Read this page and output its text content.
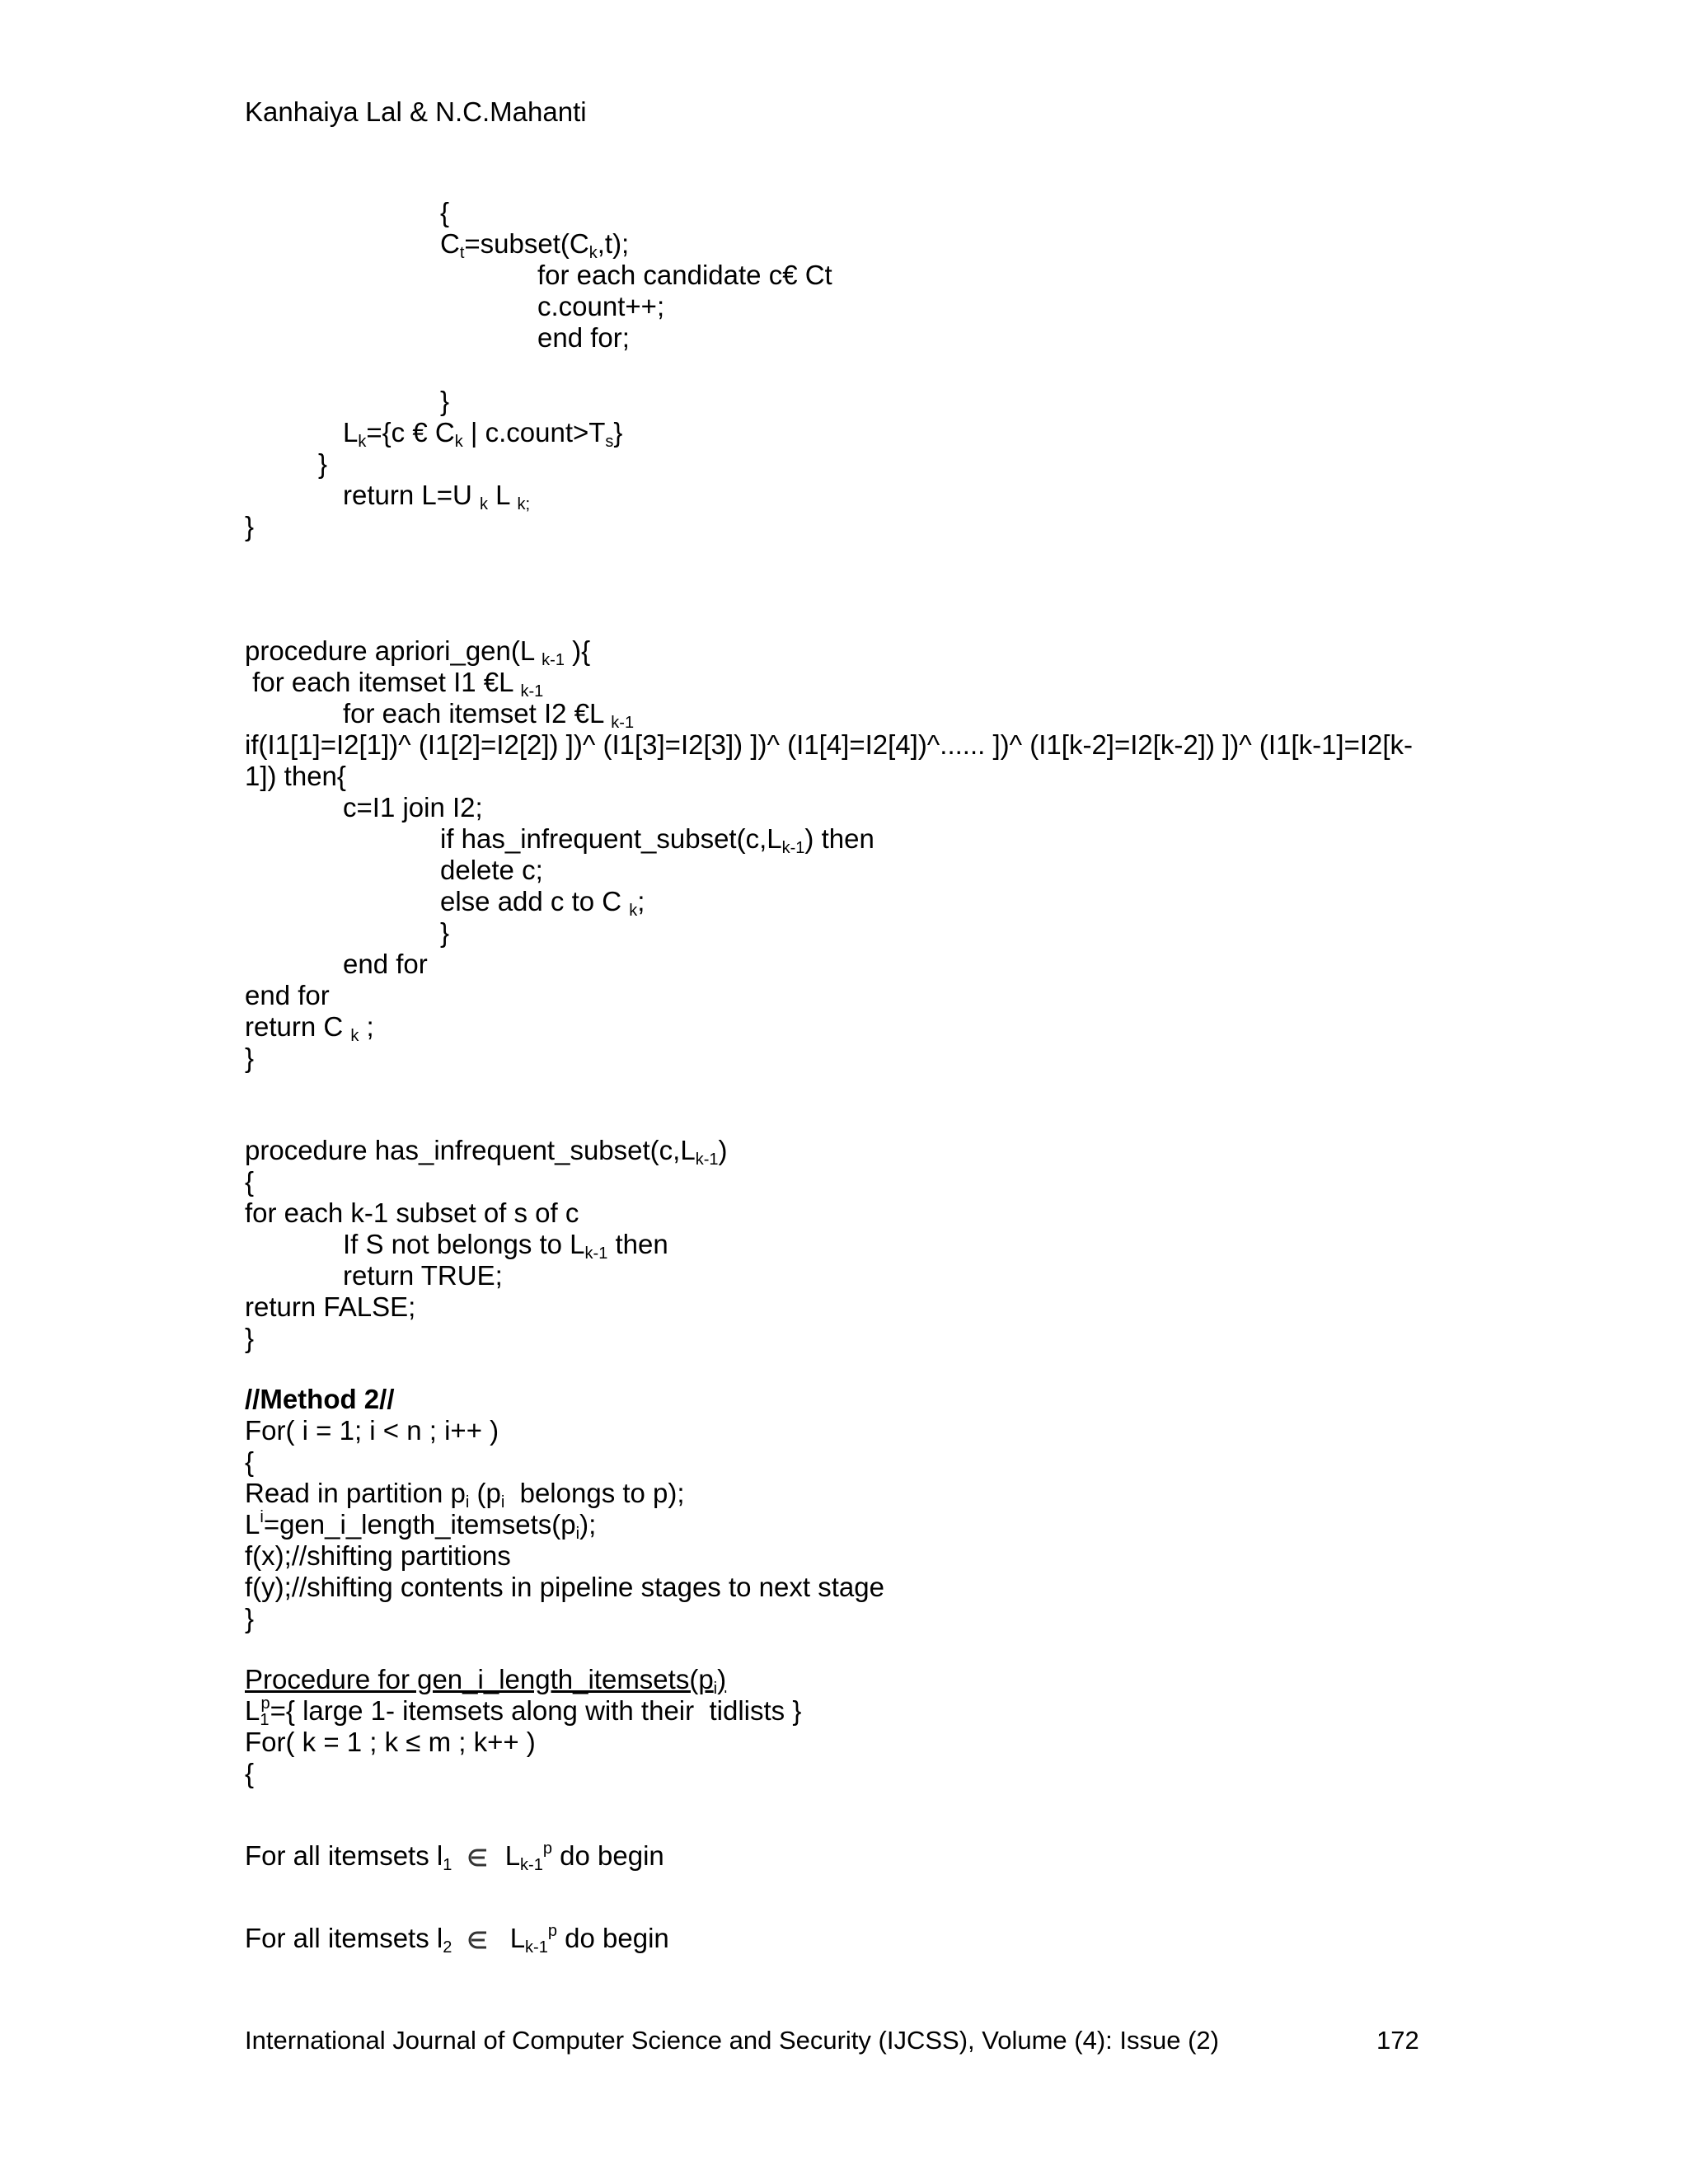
Kanhaiya Lal & N.C.Mahanti
{
$C_t=subset(C_k,t)$;
for each candidate c€ Ct
c.count++;
end for;
}
$L_k=\{c$ € $C_k$ | $c.count>T_s$}
}
return L=U $_k$ L $_{k;}$
}
procedure apriori_gen(L $_{k-1}$ ){
for each itemset I1 €L $_{k-1}$
for each itemset I2 €L $_{k-1}$
if(I1[1]=I2[1])^ (I1[2]=I2[2]) ])^ (I1[3]=I2[3]) ])^ (I1[4]=I2[4])^...... ])^ (I1[k-2]=I2[k-2]) ])^ (I1[k-1]=I2[k-
1]) then{
c=I1 join I2;
if $has\_infrequent\_subset(c,L_{k-1})$ then
delete c;
else add c to C $_k$;
}
end for
end for
return C $_k$ ;
}
procedure $has\_infrequent\_subset(c,L_{k-1})$
{
for each k-1 subset of s of c
If S not belongs to $L_{k-1}$ then
return TRUE;
return FALSE;
}
//Method 2//
For( i = 1; i < n ; i++ )
{
Read in partition $p_i$ ($p_i$  belongs to p);
$L^i=gen\_i\_length\_itemsets(p_i)$;
f(x);//shifting partitions
f(y);//shifting contents in pipeline stages to next stage
}
Procedure for $gen\_i\_length\_itemsets(p_i)$
$L_1^p=${ large 1- itemsets along with their  tidlists }
For( k = 1 ; k ≤ m ; k++ )
{
For all itemsets $l_1$ $L_{k-1}^p$ do begin
For all itemsets $l_2$ $L_{k-1}^p$ do begin
International Journal of Computer Science and Security (IJCSS), Volume (4): Issue (2)	172
